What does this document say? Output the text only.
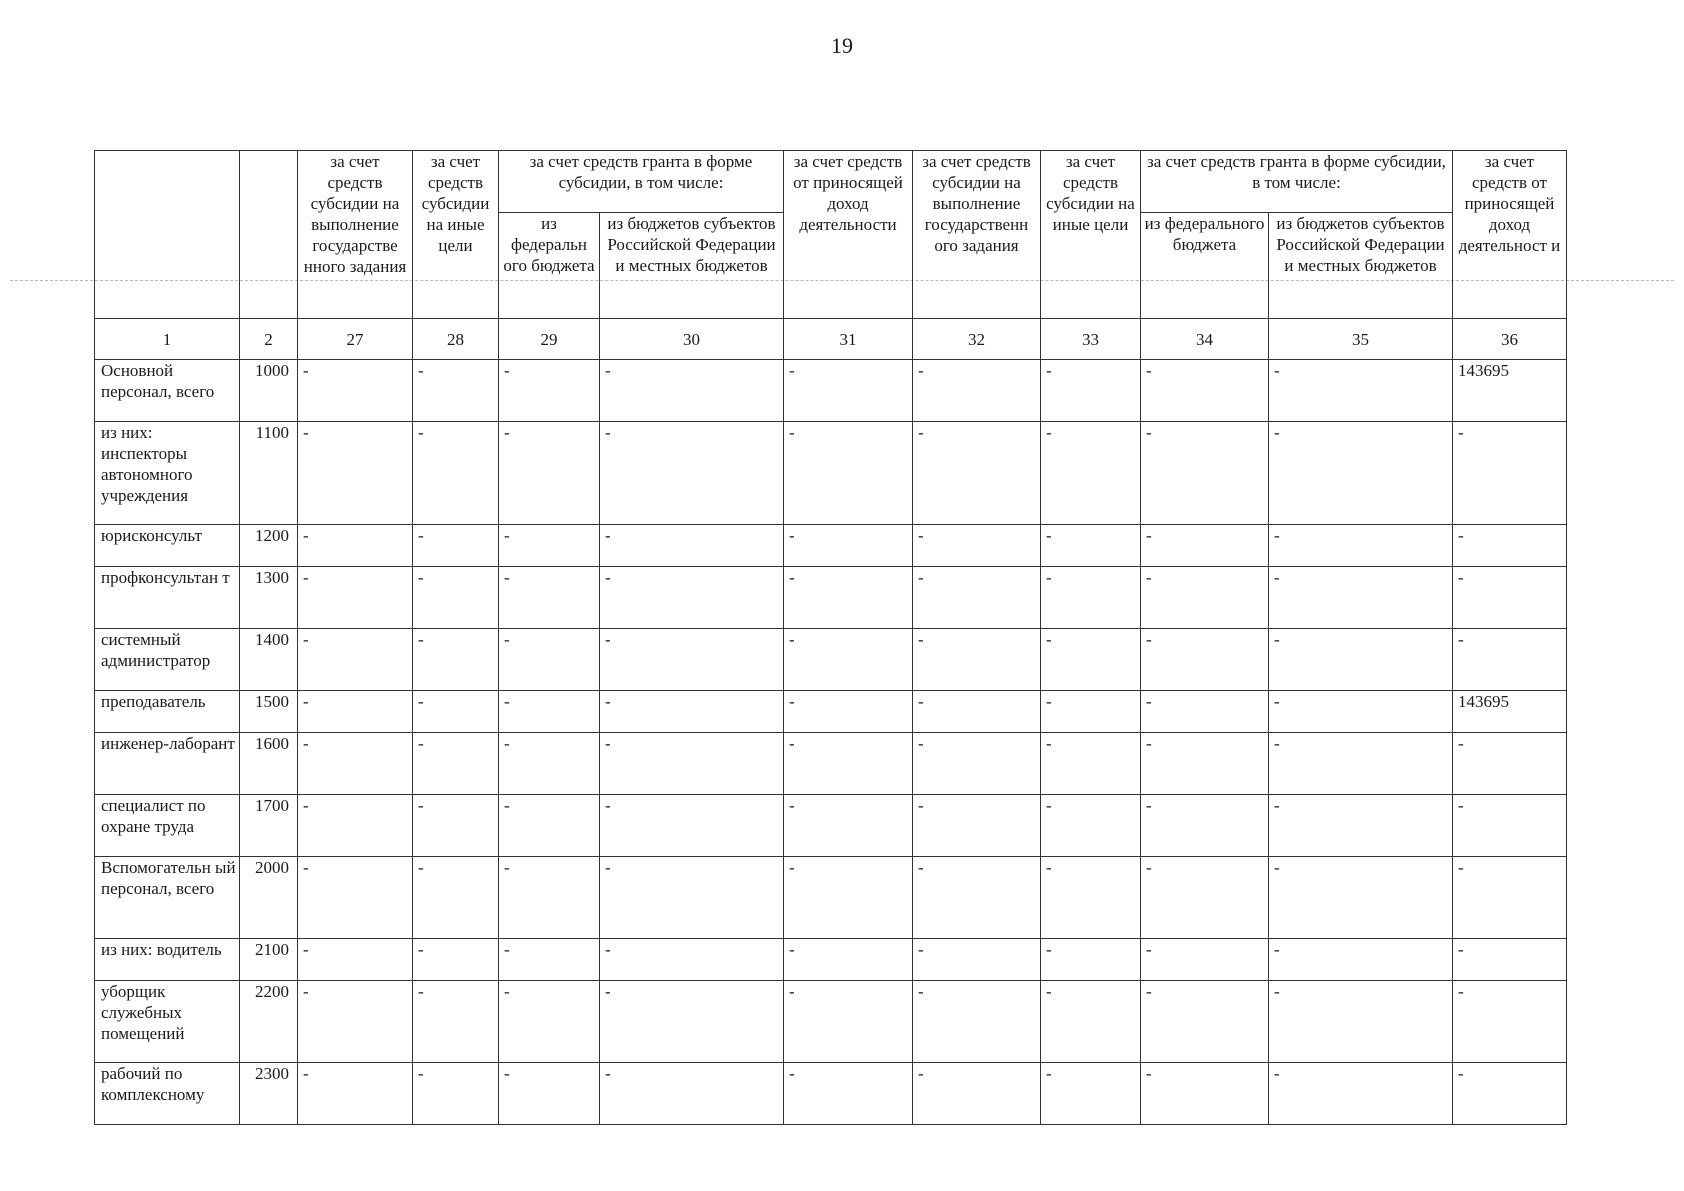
19
		за счет средств субсидии на выполнение государстве нного задания	за счет средств субсидии на иные цели	за счет средств гранта в форме субсидии, в том числе:		за счет средств от приносящей доход деятельности	за счет средств субсидии на выполнение государственн ого задания	за счет средств субсидии на иные цели	за счет средств гранта в форме субсидии, в том числе:		за счет средств от приносящей доход деятельност и
				из федеральн ого бюджета	из бюджетов субъектов Российской Федерации и местных бюджетов				из федерального бюджета	из бюджетов субъектов Российской Федерации и местных бюджетов	
1	2	27	28	29	30	31	32	33	34	35	36
Основной персонал, всего	1000	-	-	-	-	-	-	-	-	-	143695
из них: инспекторы автономного учреждения	1100	-	-	-	-	-	-	-	-	-	-
юрисконсульт	1200	-	-	-	-	-	-	-	-	-	-
профконсультан т	1300	-	-	-	-	-	-	-	-	-	-
системный администратор	1400	-	-	-	-	-	-	-	-	-	-
преподаватель	1500	-	-	-	-	-	-	-	-	-	143695
инженер-лаборант	1600	-	-	-	-	-	-	-	-	-	-
специалист по охране труда	1700	-	-	-	-	-	-	-	-	-	-
Вспомогательн ый персонал, всего	2000	-	-	-	-	-	-	-	-	-	-
из них: водитель	2100	-	-	-	-	-	-	-	-	-	-
уборщик служебных помещений	2200	-	-	-	-	-	-	-	-	-	-
рабочий по комплексному	2300	-	-	-	-	-	-	-	-	-	-
